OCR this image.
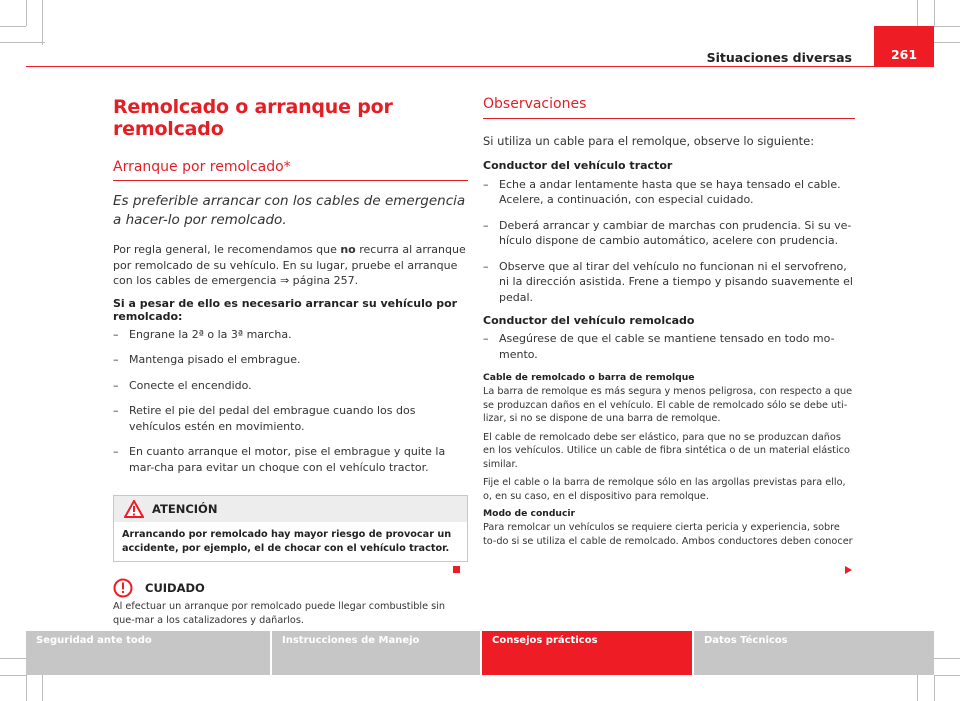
Situaciones diversas	261
Remolcado o arranque por remolcado
Arranque por remolcado*
Es preferible arrancar con los cables de emergencia a hacer-lo por remolcado.

Por regla general, le recomendamos que no recurra al arranque por remolcado de su vehículo. En su lugar, pruebe el arranque con los cables de emergencia ⇒ página 257.

Si a pesar de ello es necesario arrancar su vehículo por remolcado:

– Engrane la 2ª o la 3ª marcha.
– Mantenga pisado el embrague.
– Conecte el encendido.
– Retire el pie del pedal del embrague cuando los dos vehículos estén en movimiento.
– En cuanto arranque el motor, pise el embrague y quite la mar-cha para evitar un choque con el vehículo tractor.
ATENCIÓN
Arrancando por remolcado hay mayor riesgo de provocar un accidente, por ejemplo, el de chocar con el vehículo tractor.
CUIDADO
Al efectuar un arranque por remolcado puede llegar combustible sin que-mar a los catalizadores y dañarlos.
Observaciones

Si utiliza un cable para el remolque, observe lo siguiente:

Conductor del vehículo tractor

– Eche a andar lentamente hasta que se haya tensado el cable. Acelere, a continuación, con especial cuidado.
– Deberá arrancar y cambiar de marchas con prudencia. Si su ve-hículo dispone de cambio automático, acelere con prudencia.
– Observe que al tirar del vehículo no funcionan ni el servofreno, ni la dirección asistida. Frene a tiempo y pisando suavemente el pedal.

Conductor del vehículo remolcado

– Asegúrese de que el cable se mantiene tensado en todo mo-mento.

Cable de remolcado o barra de remolque

La barra de remolque es más segura y menos peligrosa, con respecto a que se produzcan daños en el vehículo. El cable de remolcado sólo se debe uti-lizar, si no se dispone de una barra de remolque.

El cable de remolcado debe ser elástico, para que no se produzcan daños en los vehículos. Utilice un cable de fibra sintética o de un material elástico similar.

Fije el cable o la barra de remolque sólo en las argollas previstas para ello, o, en su caso, en el dispositivo para remolque.

Modo de conducir

Para remolcar un vehículos se requiere cierta pericia y experiencia, sobre to-do si se utiliza el cable de remolcado. Ambos conductores deben conocer

Seguridad ante todo	Instrucciones de Manejo	Consejos prácticos	Datos Técnicos
